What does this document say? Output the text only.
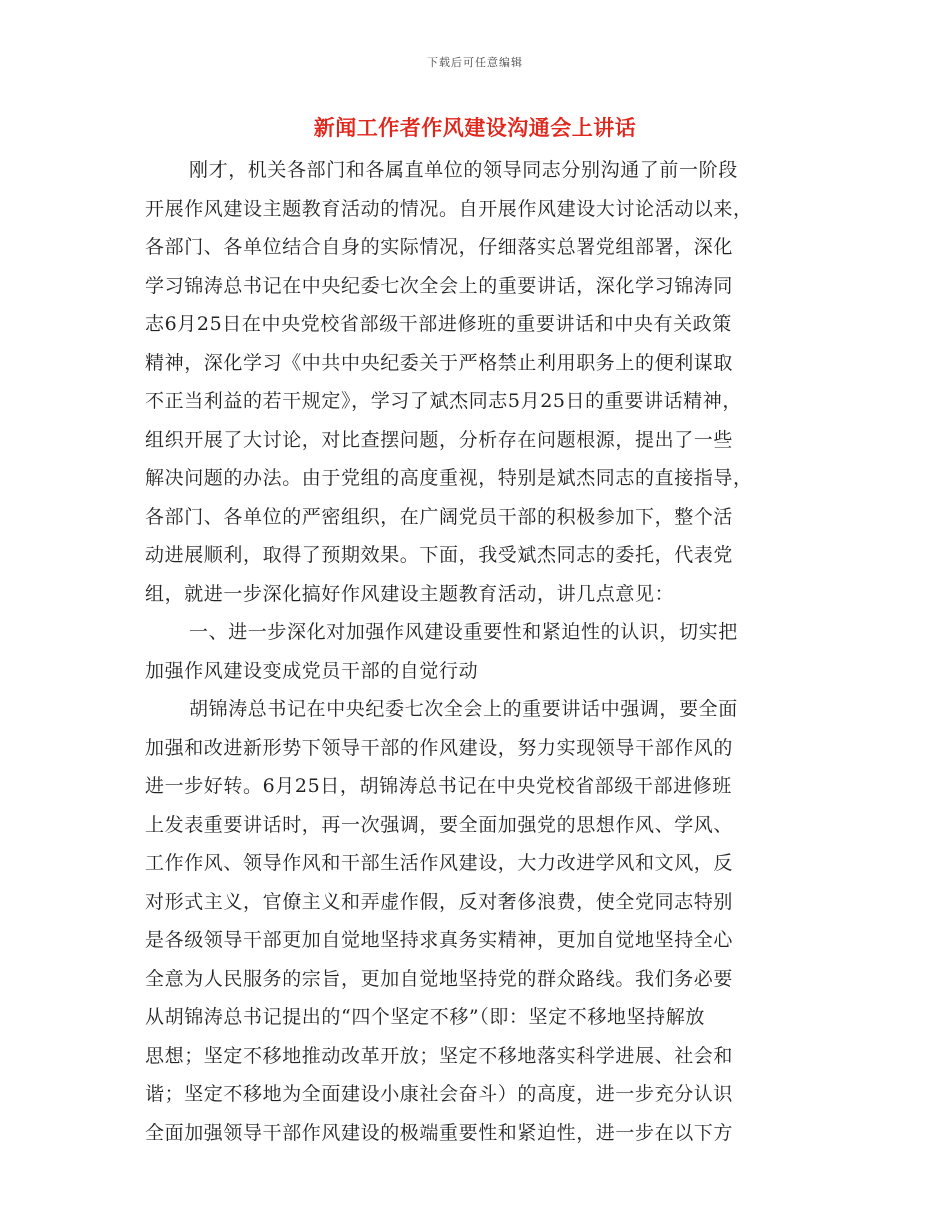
下载后可任意编辑
新闻工作者作风建设沟通会上讲话
刚才，机关各部门和各属直单位的领导同志分别沟通了前一阶段
开展作风建设主题教育活动的情况。自开展作风建设大讨论活动以来，
各部门、各单位结合自身的实际情况，仔细落实总署党组部署，深化
学习锦涛总书记在中央纪委七次全会上的重要讲话，深化学习锦涛同
志6月25日在中央党校省部级干部进修班的重要讲话和中央有关政策
精神，深化学习《中共中央纪委关于严格禁止利用职务上的便利谋取
不正当利益的若干规定》，学习了斌杰同志5月25日的重要讲话精神，
组织开展了大讨论，对比查摆问题，分析存在问题根源，提出了一些
解决问题的办法。由于党组的高度重视，特别是斌杰同志的直接指导，
各部门、各单位的严密组织，在广阔党员干部的积极参加下，整个活
动进展顺利，取得了预期效果。下面，我受斌杰同志的委托，代表党
组，就进一步深化搞好作风建设主题教育活动，讲几点意见：
一、进一步深化对加强作风建设重要性和紧迫性的认识，切实把
加强作风建设变成党员干部的自觉行动
胡锦涛总书记在中央纪委七次全会上的重要讲话中强调，要全面
加强和改进新形势下领导干部的作风建设，努力实现领导干部作风的
进一步好转。6月25日，胡锦涛总书记在中央党校省部级干部进修班
上发表重要讲话时，再一次强调，要全面加强党的思想作风、学风、
工作作风、领导作风和干部生活作风建设，大力改进学风和文风，反
对形式主义，官僚主义和弄虚作假，反对奢侈浪费，使全党同志特别
是各级领导干部更加自觉地坚持求真务实精神，更加自觉地坚持全心
全意为人民服务的宗旨，更加自觉地坚持党的群众路线。我们务必要
从胡锦涛总书记提出的“四个坚定不移”（即：坚定不移地坚持解放
思想；坚定不移地推动改革开放；坚定不移地落实科学进展、社会和
谐；坚定不移地为全面建设小康社会奋斗）的高度，进一步充分认识
全面加强领导干部作风建设的极端重要性和紧迫性，进一步在以下方
